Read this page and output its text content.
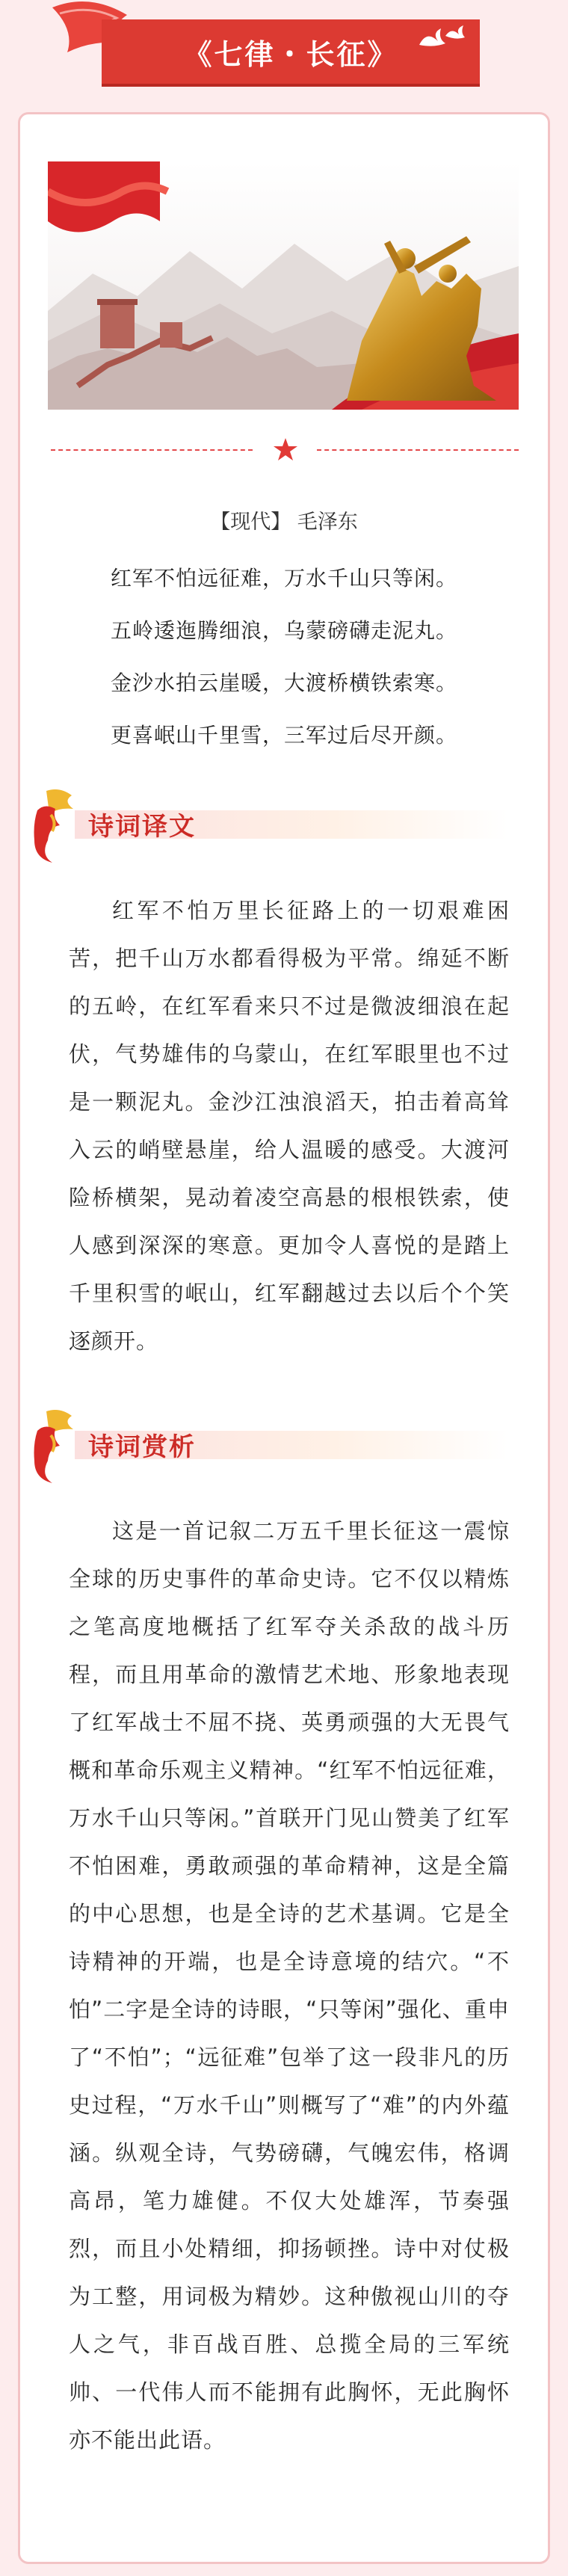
《七律・长征》
【现代】 毛泽东
红军不怕远征难，万水千山只等闲。
五岭逶迤腾细浪，乌蒙磅礴走泥丸。
金沙水拍云崖暖，大渡桥横铁索寒。
更喜岷山千里雪，三军过后尽开颜。
诗词译文

红军不怕万里长征路上的一切艰难困苦，把千山万水都看得极为平常。绵延不断的五岭，在红军看来只不过是微波细浪在起伏，气势雄伟的乌蒙山，在红军眼里也不过是一颗泥丸。金沙江浊浪滔天，拍击着高耸入云的峭壁悬崖，给人温暖的感受。大渡河险桥横架，晃动着凌空高悬的根根铁索，使人感到深深的寒意。更加令人喜悦的是踏上千里积雪的岷山，红军翻越过去以后个个笑逐颜开。

诗词赏析

这是一首记叙二万五千里长征这一震惊全球的历史事件的革命史诗。它不仅以精炼之笔高度地概括了红军夺关杀敌的战斗历程，而且用革命的激情艺术地、形象地表现了红军战士不屈不挠、英勇顽强的大无畏气概和革命乐观主义精神。“红军不怕远征难，万水千山只等闲。”首联开门见山赞美了红军不怕困难，勇敢顽强的革命精神，这是全篇的中心思想，也是全诗的艺术基调。它是全诗精神的开端，也是全诗意境的结穴。“不怕”二字是全诗的诗眼，“只等闲”强化、重申了“不怕”；“远征难”包举了这一段非凡的历史过程，“万水千山”则概写了“难”的内外蕴涵。纵观全诗，气势磅礴，气魄宏伟，格调高昂，笔力雄健。不仅大处雄浑，节奏强烈，而且小处精细，抑扬顿挫。诗中对仗极为工整，用词极为精妙。这种傲视山川的夺人之气，非百战百胜、总揽全局的三军统帅、一代伟人而不能拥有此胸怀，无此胸怀亦不能出此语。
